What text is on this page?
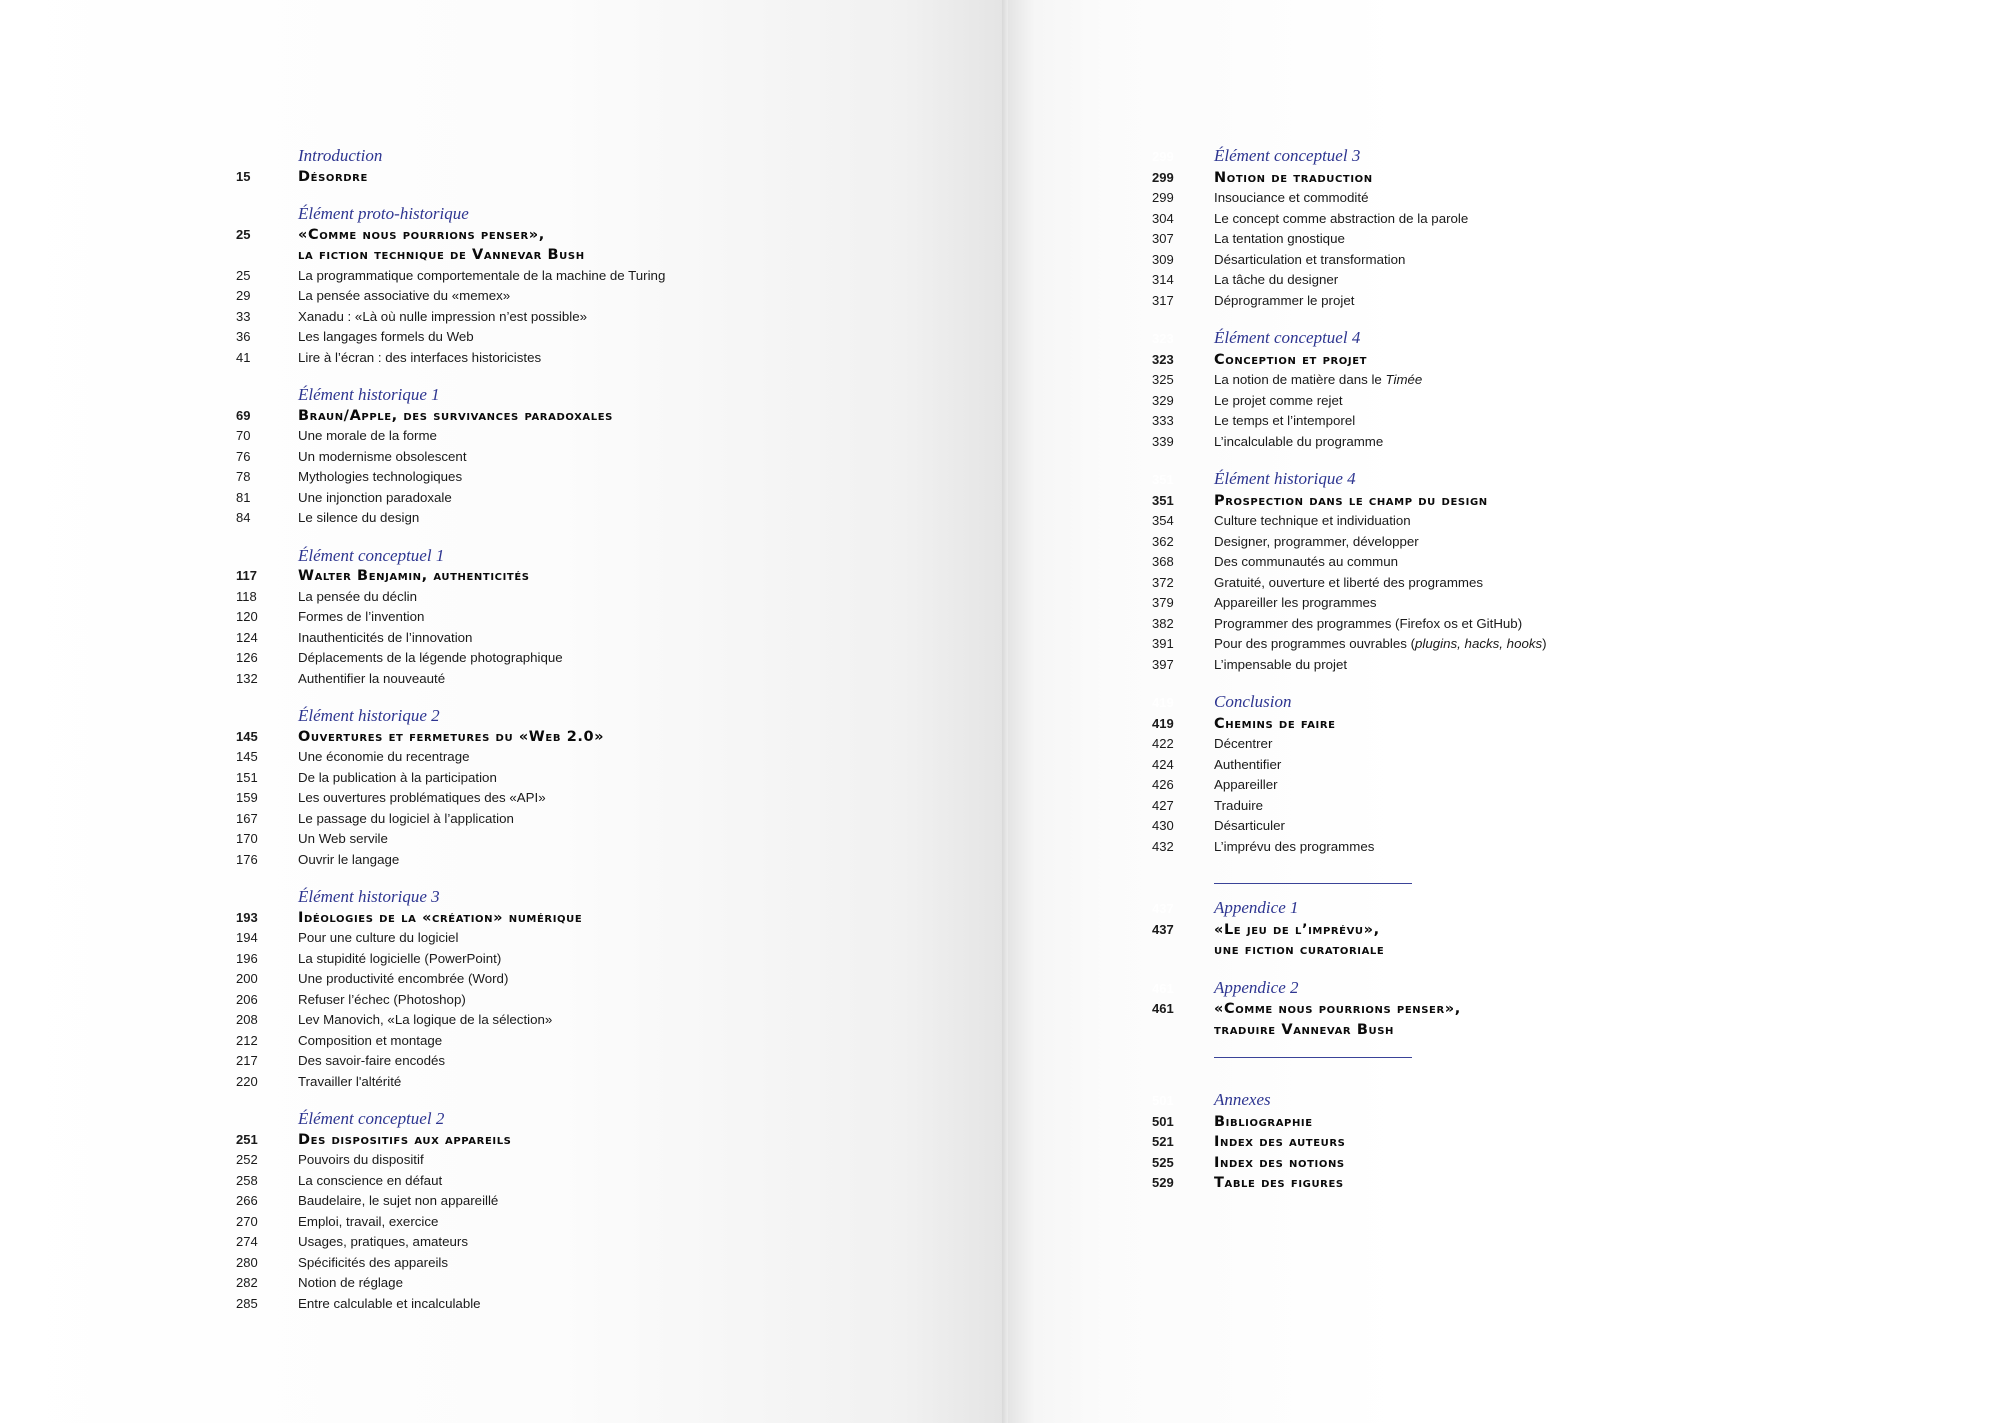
Introduction
15	Désordre
Élément proto-historique
25	«Comme nous pourrions penser»,
la fiction technique de Vannevar Bush
25	La programmatique comportementale de la machine de Turing
29	La pensée associative du «memex»
33	Xanadu : «Là où nulle impression n’est possible»
36	Les langages formels du Web
41	Lire à l’écran : des interfaces historicistes
Élément historique 1
69	Braun/Apple, des survivances paradoxales
70	Une morale de la forme
76	Un modernisme obsolescent
78	Mythologies technologiques
81	Une injonction paradoxale
84	Le silence du design
Élément conceptuel 1
117	Walter Benjamin, authenticités
118	La pensée du déclin
120	Formes de l’invention
124	Inauthenticités de l’innovation
126	Déplacements de la légende photographique
132	Authentifier la nouveauté
Élément historique 2
145	Ouvertures et fermetures du «Web 2.0»
145	Une économie du recentrage
151	De la publication à la participation
159	Les ouvertures problématiques des «API»
167	Le passage du logiciel à l’application
170	Un Web servile
176	Ouvrir le langage
Élément historique 3
193	Idéologies de la «création» numérique
194	Pour une culture du logiciel
196	La stupidité logicielle (PowerPoint)
200	Une productivité encombrée (Word)
206	Refuser l’échec (Photoshop)
208	Lev Manovich, «La logique de la sélection»
212	Composition et montage
217	Des savoir-faire encodés
220	Travailler l'altérité
Élément conceptuel 2
251	Des dispositifs aux appareils
252	Pouvoirs du dispositif
258	La conscience en défaut
266	Baudelaire, le sujet non appareillé
270	Emploi, travail, exercice
274	Usages, pratiques, amateurs
280	Spécificités des appareils
282	Notion de réglage
285	Entre calculable et incalculable
299	Élément conceptuel 3
299	Notion de traduction
299	Insouciance et commodité
304	Le concept comme abstraction de la parole
307	La tentation gnostique
309	Désarticulation et transformation
314	La tâche du designer
317	Déprogrammer le projet
323	Élément conceptuel 4
323	Conception et projet
325	La notion de matière dans le Timée
329	Le projet comme rejet
333	Le temps et l’intemporel
339	L’incalculable du programme
351	Élément historique 4
351	Prospection dans le champ du design
354	Culture technique et individuation
362	Designer, programmer, développer
368	Des communautés au commun
372	Gratuité, ouverture et liberté des programmes
379	Appareiller les programmes
382	Programmer des programmes (Firefox os et GitHub)
391	Pour des programmes ouvrables (plugins, hacks, hooks)
397	L’impensable du projet
419	Conclusion
419	Chemins de faire
422	Décentrer
424	Authentifier
426	Appareiller
427	Traduire
430	Désarticuler
432	L’imprévu des programmes
437	Appendice 1
437	«Le jeu de l’imprévu»,
une fiction curatoriale
461	Appendice 2
461	«Comme nous pourrions penser»,
traduire Vannevar Bush
501	Annexes
501	Bibliographie
521	Index des auteurs
525	Index des notions
529	Table des figures
